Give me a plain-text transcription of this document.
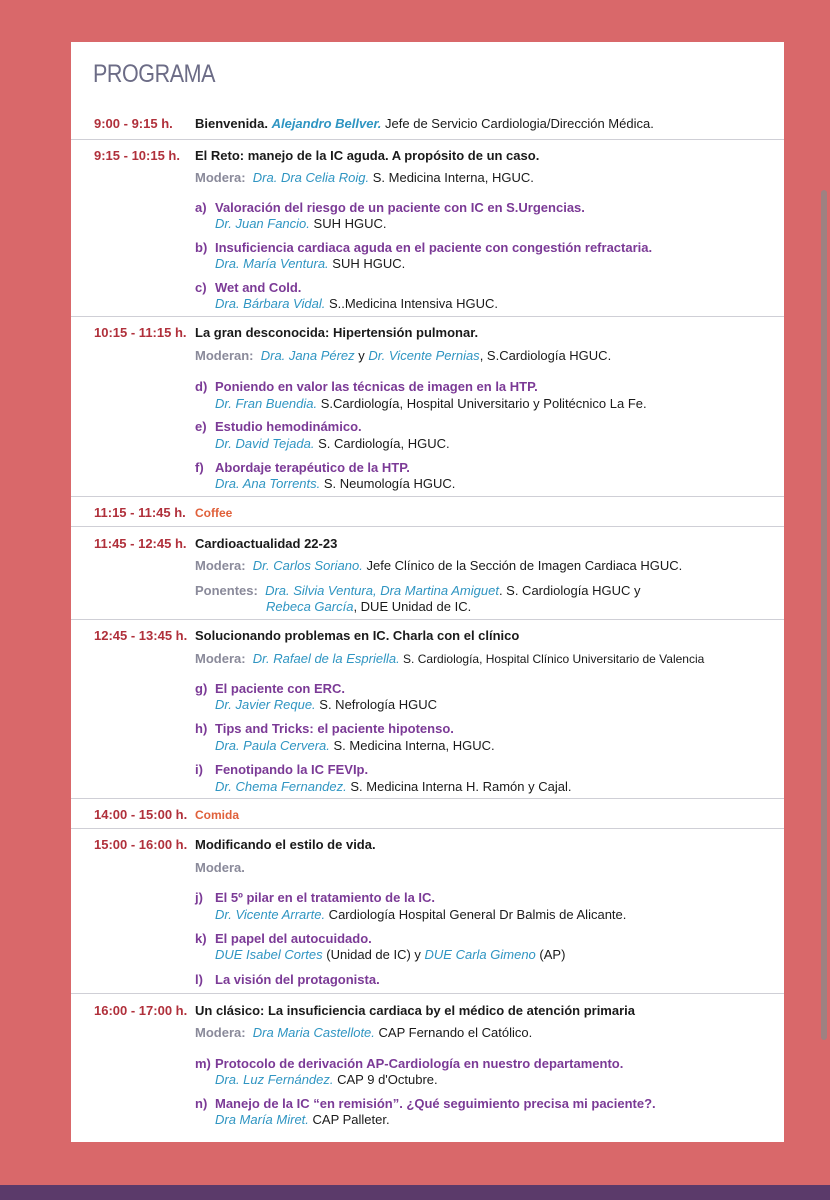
PROGRAMA
9:00 - 9:15 h. Bienvenida. Alejandro Bellver. Jefe de Servicio Cardiologia/Dirección Médica.
9:15 - 10:15 h. El Reto: manejo de la IC aguda. A propósito de un caso.
Modera: Dra. Dra Celia Roig. S. Medicina Interna, HGUC.
a) Valoración del riesgo de un paciente con IC en S.Urgencias.
Dr. Juan Fancio. SUH HGUC.
b) Insuficiencia cardiaca aguda en el paciente con congestión refractaria.
Dra. María Ventura. SUH HGUC.
c) Wet and Cold.
Dra. Bárbara Vidal. S..Medicina Intensiva HGUC.
10:15 - 11:15 h. La gran desconocida: Hipertensión pulmonar.
Moderan: Dra. Jana Pérez y Dr. Vicente Pernias, S.Cardiología HGUC.
d) Poniendo en valor las técnicas de imagen en la HTP.
Dr. Fran Buendia. S.Cardiología, Hospital Universitario y Politécnico La Fe.
e) Estudio hemodinámico.
Dr. David Tejada. S. Cardiología, HGUC.
f) Abordaje terapéutico de la HTP.
Dra. Ana Torrents. S. Neumología HGUC.
11:15 - 11:45 h. Coffee
11:45 - 12:45 h. Cardioactualidad 22-23
Modera: Dr. Carlos Soriano. Jefe Clínico de la Sección de Imagen Cardiaca HGUC.
Ponentes: Dra. Silvia Ventura, Dra Martina Amiguet. S. Cardiología HGUC y
Rebeca García, DUE Unidad de IC.
12:45 - 13:45 h. Solucionando problemas en IC. Charla con el clínico
Modera: Dr. Rafael de la Espriella. S. Cardiología, Hospital Clínico Universitario de Valencia
g) El paciente con ERC.
Dr. Javier Reque. S. Nefrología HGUC
h) Tips and Tricks: el paciente hipotenso.
Dra. Paula Cervera. S. Medicina Interna, HGUC.
i) Fenotipando la IC FEVIp.
Dr. Chema Fernandez. S. Medicina Interna H. Ramón y Cajal.
14:00 - 15:00 h. Comida
15:00 - 16:00 h. Modificando el estilo de vida.
Modera.
j) El 5º pilar en el tratamiento de la IC.
Dr. Vicente Arrarte. Cardiología Hospital General Dr Balmis de Alicante.
k) El papel del autocuidado.
DUE Isabel Cortes (Unidad de IC) y DUE Carla Gimeno (AP)
l) La visión del protagonista.
16:00 - 17:00 h. Un clásico: La insuficiencia cardiaca by el médico de atención primaria
Modera: Dra Maria Castellote. CAP Fernando el Católico.
m) Protocolo de derivación AP-Cardiología en nuestro departamento.
Dra. Luz Fernández. CAP 9 d'Octubre.
n) Manejo de la IC “en remisión”. ¿Qué seguimiento precisa mi paciente?.
Dra María Miret. CAP Palleter.
